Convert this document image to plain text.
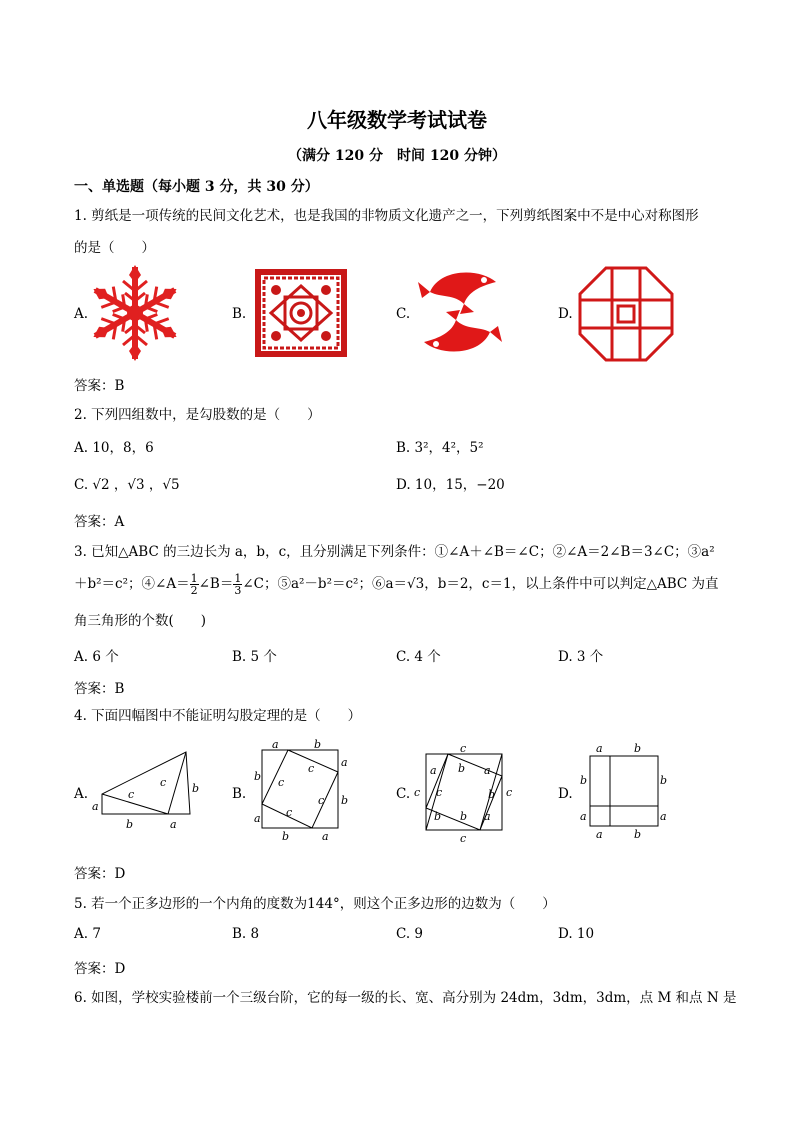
八年级数学考试试卷
（满分 120 分　时间 120 分钟）
一、单选题（每小题 3 分，共 30 分）
1. 剪纸是一项传统的民间文化艺术，也是我国的非物质文化遗产之一，下列剪纸图案中不是中心对称图形
的是（　　）
A.	B.	C.	D.
答案：B
2. 下列四组数中，是勾股数的是（　　）
A. 10，8，6	B. 3²，4²，5²
C. √2 ，√3 ，√5	D. 10，15，−20
答案：A
3. 已知△ABC 的三边长为 a，b，c，且分别满足下列条件：①∠A＋∠B＝∠C；②∠A＝2∠B＝3∠C；③a²
＋b²＝c²；④∠A＝ $\frac{1}{2}$ ∠B＝ $\frac{1}{3}$ ∠C；⑤a²－b²＝c²；⑥a＝√3，b＝2，c＝1，以上条件中可以判定△ABC 为直
角三角形的个数(　　)
A. 6 个	B. 5 个	C. 4 个	D. 3 个
答案：B
4. 下面四幅图中不能证明勾股定理的是（　　）
A.
a
b	a
b
c
c
B.
a	b
a
b
b	a
b
a
c
c
c
c
C.
c
c
c	c
a b a
b
b
c
b a
D.
a	b
b
a
b
a
a	b
答案：D
5. 若一个正多边形的一个内角的度数为144°，则这个正多边形的边数为（　　）
A. 7	B. 8	C. 9	D. 10
答案：D
6. 如图，学校实验楼前一个三级台阶，它的每一级的长、宽、高分别为 24dm，3dm，3dm，点 M 和点 N 是
